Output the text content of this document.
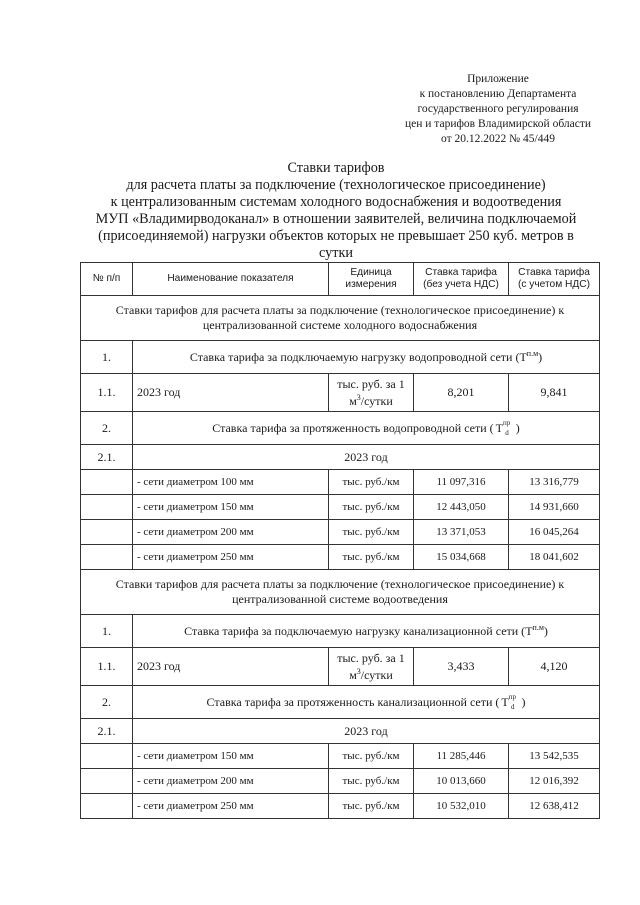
Приложение
к постановлению Департамента
государственного регулирования
цен и тарифов Владимирской области
от 20.12.2022 № 45/449
Ставки тарифов
для расчета платы за подключение (технологическое присоединение)
к централизованным системам холодного водоснабжения и водоотведения
МУП «Владимирводоканал» в отношении заявителей, величина подключаемой
(присоединяемой) нагрузки объектов которых не превышает 250 куб. метров в
сутки
№ п/п	Наименование показателя	Единица измерения	Ставка тарифа (без учета НДС)	Ставка тарифа (с учетом НДС)
Ставки тарифов для расчета платы за подключение (технологическое присоединение) к централизованной системе холодного водоснабжения				
1.	Ставка тарифа за подключаемую нагрузку водопроводной сети $(Т^{п.м})$			
1.1.	2023 год	тыс. руб. за 1 $м^3$/сутки	8,201	9,841
2.	Ставка тарифа за протяженность водопроводной сети ( $Т^{пр}_d$ )			
2.1.	2023 год			
	- сети диаметром 100 мм	тыс. руб./км	11 097,316	13 316,779
	- сети диаметром 150 мм	тыс. руб./км	12 443,050	14 931,660
	- сети диаметром 200 мм	тыс. руб./км	13 371,053	16 045,264
	- сети диаметром 250 мм	тыс. руб./км	15 034,668	18 041,602
Ставки тарифов для расчета платы за подключение (технологическое присоединение) к централизованной системе водоотведения				
1.	Ставка тарифа за подключаемую нагрузку канализационной сети $(Т^{п.м})$			
1.1.	2023 год	тыс. руб. за 1 $м^3$/сутки	3,433	4,120
2.	Ставка тарифа за протяженность канализационной сети ( $Т^{пр}_d$ )			
2.1.	2023 год			
	- сети диаметром 150 мм	тыс. руб./км	11 285,446	13 542,535
	- сети диаметром 200 мм	тыс. руб./км	10 013,660	12 016,392
	- сети диаметром 250 мм	тыс. руб./км	10 532,010	12 638,412
